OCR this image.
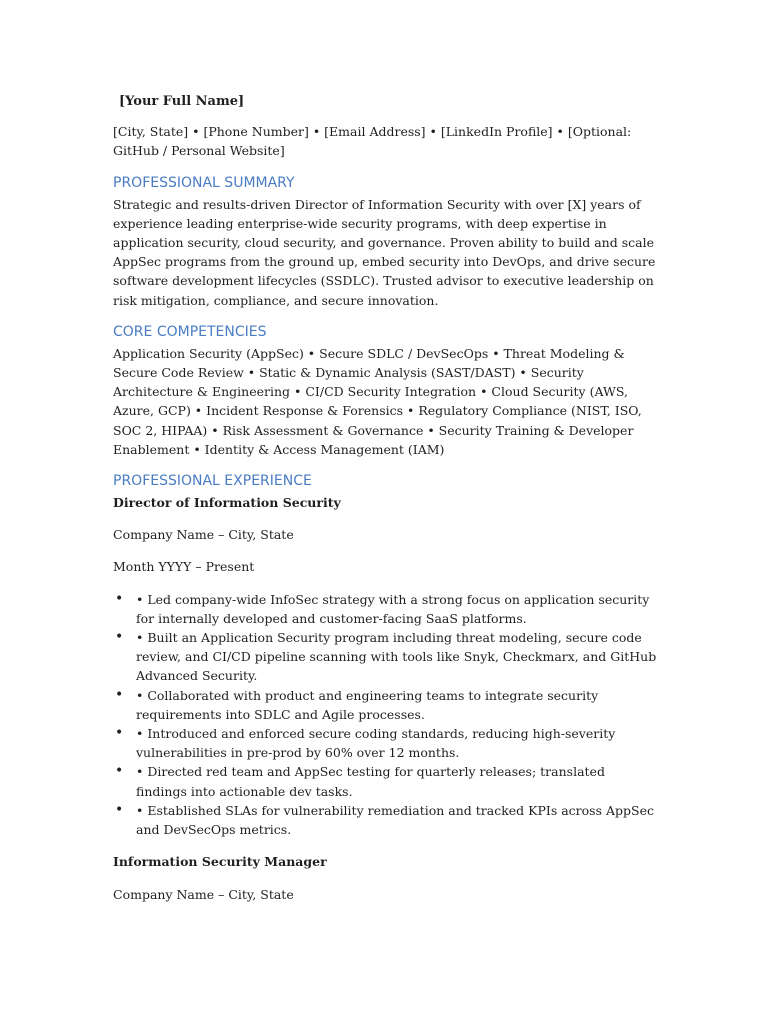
[Your Full Name]

[City, State] • [Phone Number] • [Email Address] • [LinkedIn Profile] • [Optional: GitHub / Personal Website]

PROFESSIONAL SUMMARY

Strategic and results-driven Director of Information Security with over [X] years of experience leading enterprise-wide security programs, with deep expertise in application security, cloud security, and governance. Proven ability to build and scale AppSec programs from the ground up, embed security into DevOps, and drive secure software development lifecycles (SSDLC). Trusted advisor to executive leadership on risk mitigation, compliance, and secure innovation.

CORE COMPETENCIES

Application Security (AppSec) • Secure SDLC / DevSecOps • Threat Modeling & Secure Code Review • Static & Dynamic Analysis (SAST/DAST) • Security Architecture & Engineering • CI/CD Security Integration • Cloud Security (AWS, Azure, GCP) • Incident Response & Forensics • Regulatory Compliance (NIST, ISO, SOC 2, HIPAA) • Risk Assessment & Governance • Security Training & Developer Enablement • Identity & Access Management (IAM)

PROFESSIONAL EXPERIENCE

Director of Information Security

Company Name – City, State

Month YYYY – Present

• • Led company-wide InfoSec strategy with a strong focus on application security for internally developed and customer-facing SaaS platforms.
• • Built an Application Security program including threat modeling, secure code review, and CI/CD pipeline scanning with tools like Snyk, Checkmarx, and GitHub Advanced Security.
• • Collaborated with product and engineering teams to integrate security requirements into SDLC and Agile processes.
• • Introduced and enforced secure coding standards, reducing high-severity vulnerabilities in pre-prod by 60% over 12 months.
• • Directed red team and AppSec testing for quarterly releases; translated findings into actionable dev tasks.
• • Established SLAs for vulnerability remediation and tracked KPIs across AppSec and DevSecOps metrics.

Information Security Manager

Company Name – City, State
